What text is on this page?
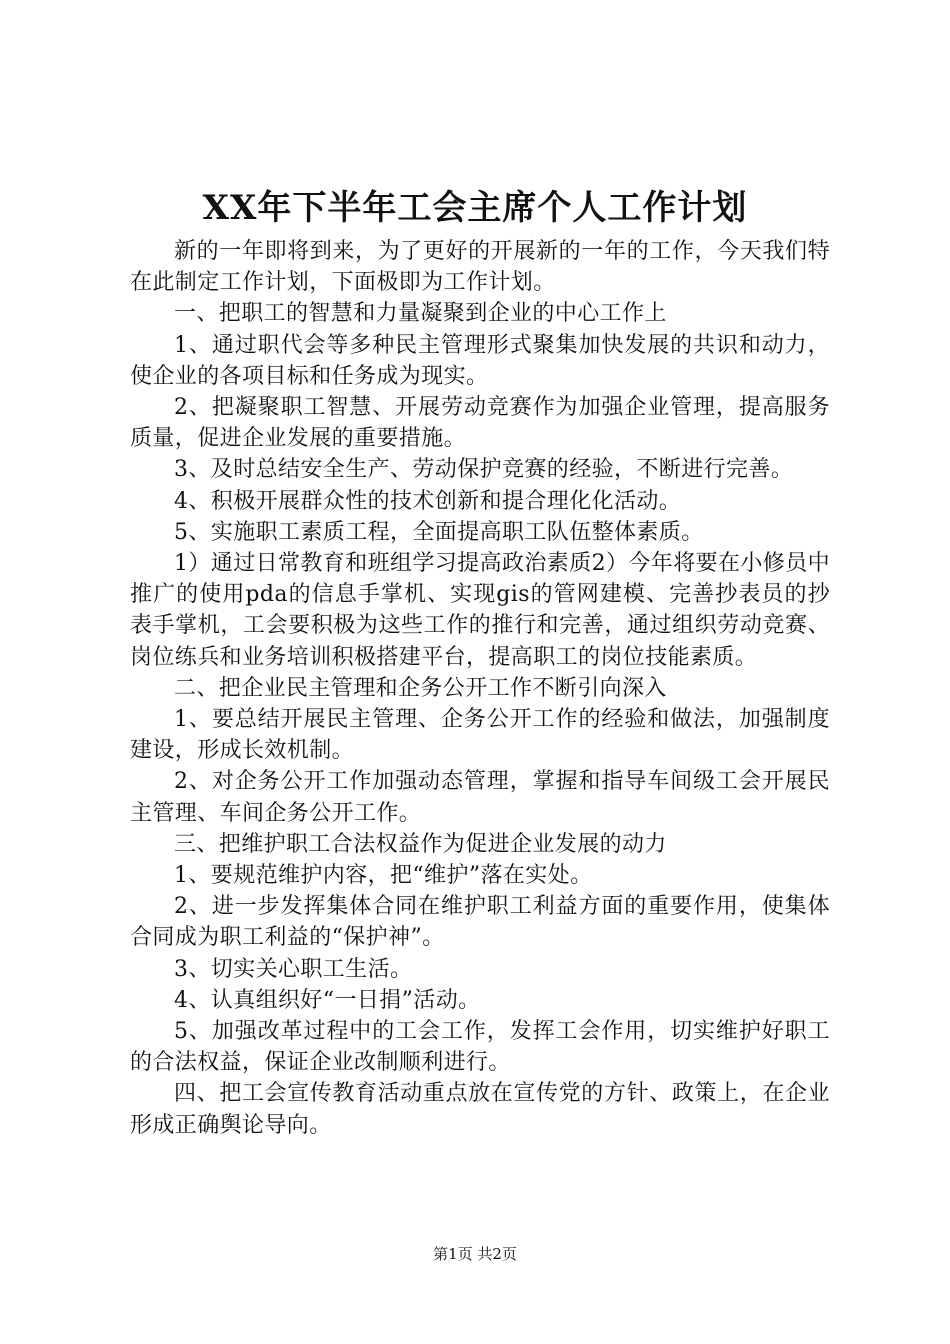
XX年下半年工会主席个人工作计划

新的一年即将到来，为了更好的开展新的一年的工作，今天我们特在此制定工作计划，下面极即为工作计划。

一、把职工的智慧和力量凝聚到企业的中心工作上

1、通过职代会等多种民主管理形式聚集加快发展的共识和动力，使企业的各项目标和任务成为现实。

2、把凝聚职工智慧、开展劳动竞赛作为加强企业管理，提高服务质量，促进企业发展的重要措施。

3、及时总结安全生产、劳动保护竞赛的经验，不断进行完善。

4、积极开展群众性的技术创新和提合理化化活动。

5、实施职工素质工程，全面提高职工队伍整体素质。

1）通过日常教育和班组学习提高政治素质2）今年将要在小修员中推广的使用pda的信息手掌机、实现gis的管网建模、完善抄表员的抄表手掌机，工会要积极为这些工作的推行和完善，通过组织劳动竞赛、岗位练兵和业务培训积极搭建平台，提高职工的岗位技能素质。

二、把企业民主管理和企务公开工作不断引向深入

1、要总结开展民主管理、企务公开工作的经验和做法，加强制度建设，形成长效机制。

2、对企务公开工作加强动态管理，掌握和指导车间级工会开展民主管理、车间企务公开工作。

三、把维护职工合法权益作为促进企业发展的动力

1、要规范维护内容，把“维护”落在实处。

2、进一步发挥集体合同在维护职工利益方面的重要作用，使集体合同成为职工利益的“保护神”。

3、切实关心职工生活。

4、认真组织好“一日捐”活动。

5、加强改革过程中的工会工作，发挥工会作用，切实维护好职工的合法权益，保证企业改制顺利进行。

四、把工会宣传教育活动重点放在宣传党的方针、政策上，在企业形成正确舆论导向。

第1页 共2页
